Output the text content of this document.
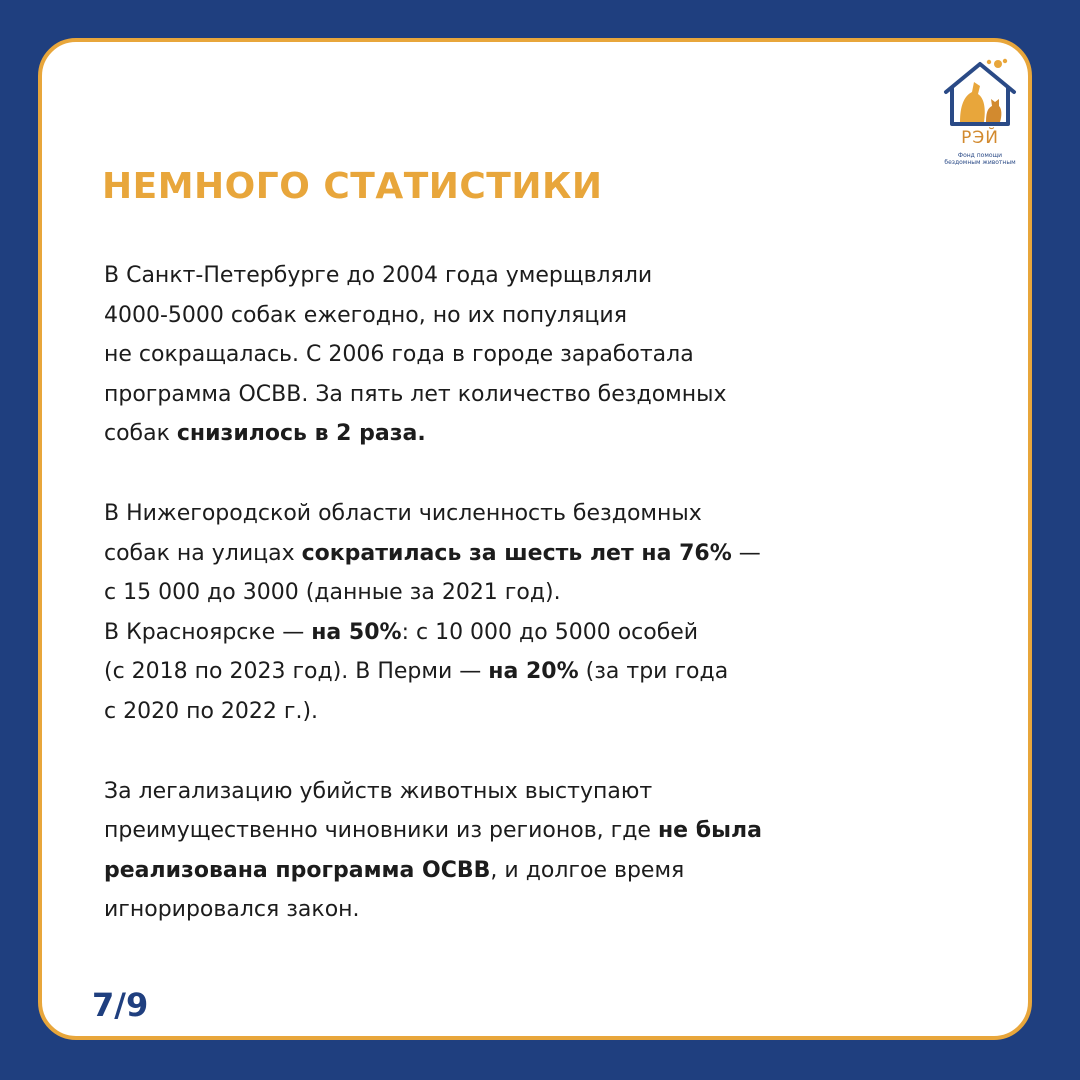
РЭЙ
Фонд помощи
бездомным животным
НЕМНОГО СТАТИСТИКИ

В Санкт-Петербурге до 2004 года умерщвляли
4000-5000 собак ежегодно, но их популяция
не сокращалась. С 2006 года в городе заработала
программа ОСВВ. За пять лет количество бездомных
собак снизилось в 2 раза.

В Нижегородской области численность бездомных
собак на улицах сократилась за шесть лет на 76% —
с 15 000 до 3000 (данные за 2021 год).
В Красноярске — на 50%: с 10 000 до 5000 особей
(с 2018 по 2023 год). В Перми — на 20% (за три года
с 2020 по 2022 г.).

За легализацию убийств животных выступают
преимущественно чиновники из регионов, где не была
реализована программа ОСВВ, и долгое время
игнорировался закон.

7/9
